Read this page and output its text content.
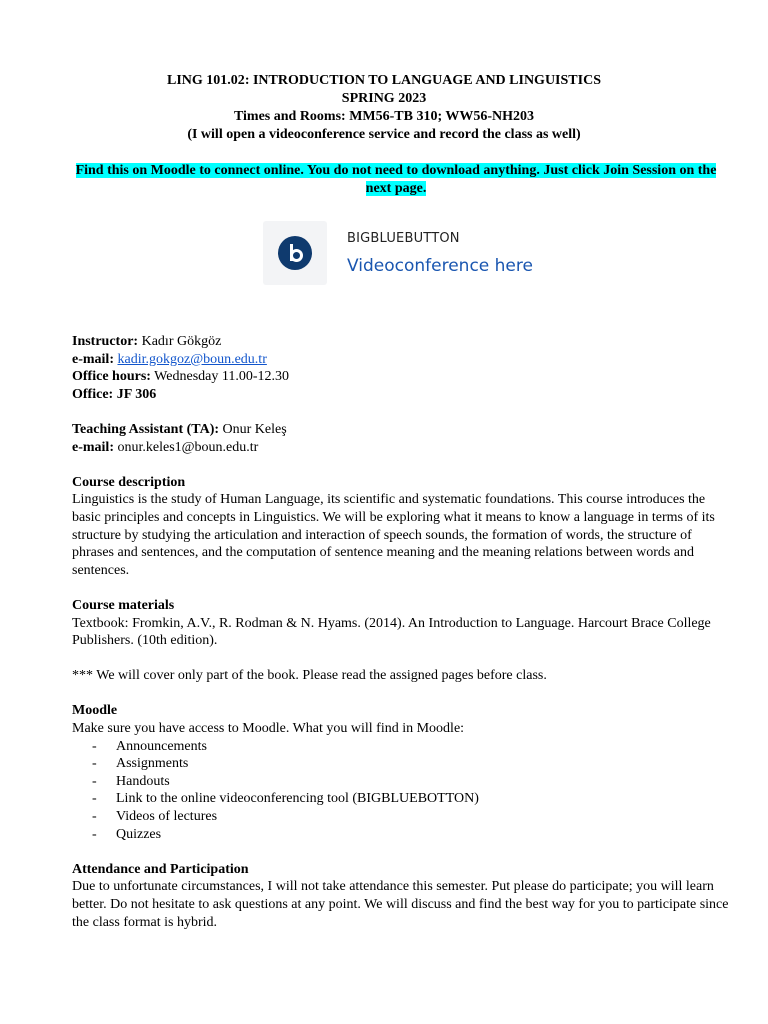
LING 101.02: INTRODUCTION TO LANGUAGE AND LINGUISTICS
SPRING 2023
Times and Rooms: MM56-TB 310; WW56-NH203
(I will open a videoconference service and record the class as well)
Find this on Moodle to connect online. You do not need to download anything. Just click Join Session on the next page.
BIGBLUEBUTTON
Videoconference here

Instructor: Kadır Gökgöz

e-mail: kadir.gokgoz@boun.edu.tr

Office hours: Wednesday 11.00-12.30

Office: JF 306

Teaching Assistant (TA): Onur Keleş

e-mail: onur.keles1@boun.edu.tr

Course description

Linguistics is the study of Human Language, its scientific and systematic foundations. This course introduces the basic principles and concepts in Linguistics. We will be exploring what it means to know a language in terms of its structure by studying the articulation and interaction of speech sounds, the formation of words, the structure of phrases and sentences, and the computation of sentence meaning and the meaning relations between words and sentences.

Course materials

Textbook: Fromkin, A.V., R. Rodman & N. Hyams. (2014). An Introduction to Language. Harcourt Brace College Publishers. (10th edition).

*** We will cover only part of the book. Please read the assigned pages before class.

Moodle

Make sure you have access to Moodle. What you will find in Moodle:

- Announcements
- Assignments
- Handouts
- Link to the online videoconferencing tool (BIGBLUEBOTTON)
- Videos of lectures
- Quizzes

Attendance and Participation

Due to unfortunate circumstances, I will not take attendance this semester. Put please do participate; you will learn better. Do not hesitate to ask questions at any point. We will discuss and find the best way for you to participate since the class format is hybrid.
